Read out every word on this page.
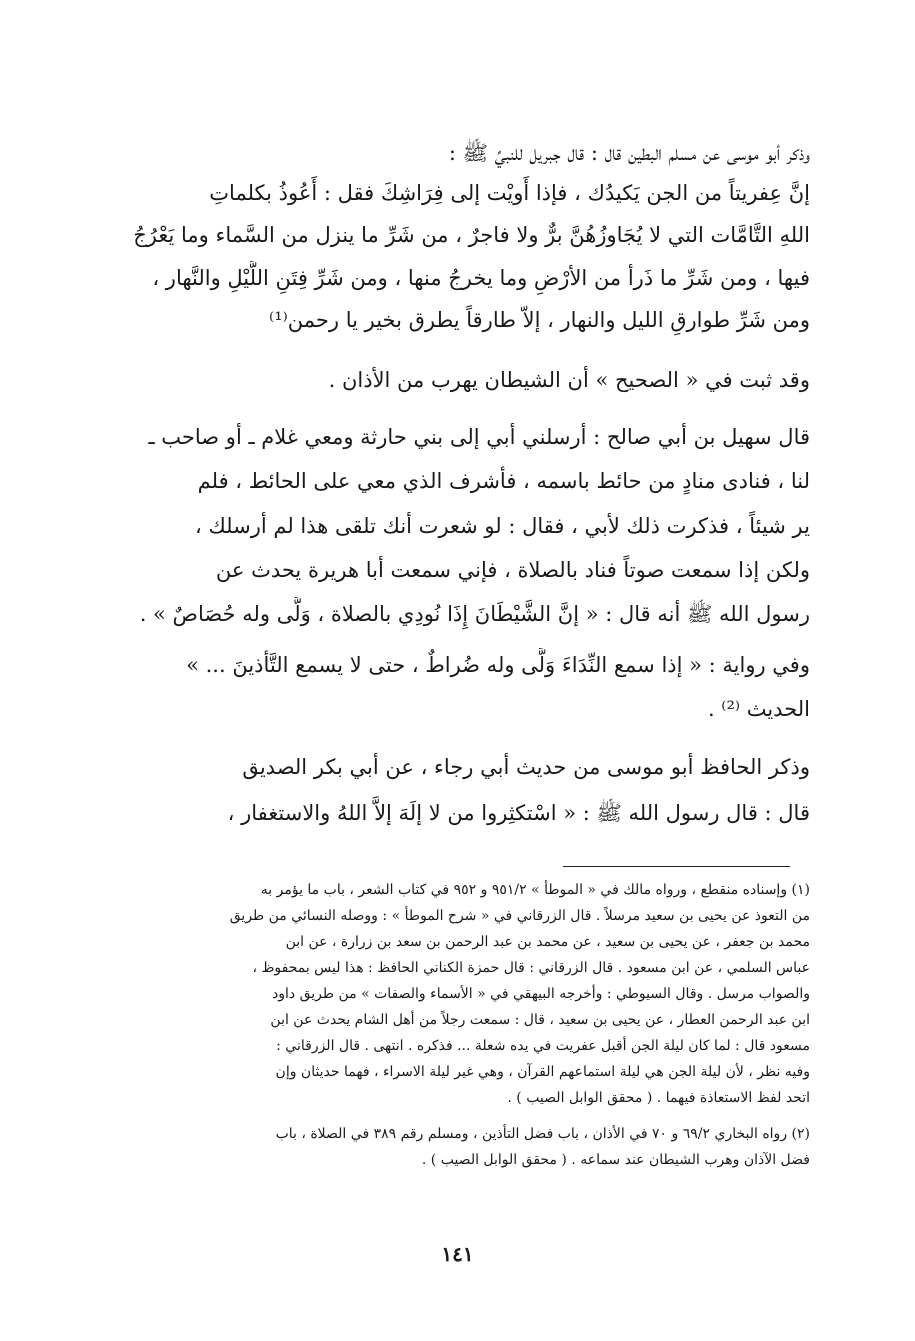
وذكر أبو موسى عن مسلم البطين قال : قال جبريل للنبيِّ ﷺ :
إنَّ عِفريتاً من الجن يَكيدُك ، فإذا أَويْت إلى فِرَاشِكَ فقل : أَعُوذُ بكلماتِ
اللهِ التَّامَّات التي لا يُجَاوزُهُنَّ برٌّ ولا فاجرٌ ، من شَرِّ ما ينزل من السَّماء وما يَعْرُجُ
فيها ، ومن شَرِّ ما ذَرأ من الأرْضِ وما يخرجُ منها ، ومن شَرِّ فِتَنِ اللَّيْلِ والنَّهار ،
ومن شَرِّ طوارقِ الليل والنهار ، إلاّ طارقاً يطرق بخير يا رحمن⁽¹⁾
وقد ثبت في « الصحيح » أن الشيطان يهرب من الأذان .
قال سهيل بن أبي صالح : أرسلني أبي إلى بني حارثة ومعي غلام ـ أو صاحب ـ
لنا ، فنادى منادٍ من حائط باسمه ، فأشرف الذي معي على الحائط ، فلم
ير شيئاً ، فذكرت ذلك لأبي ، فقال : لو شعرت أنك تلقى هذا لم أرسلك ،
ولكن إذا سمعت صوتاً فناد بالصلاة ، فإني سمعت أبا هريرة يحدث عن
رسول الله ﷺ أنه قال : « إنَّ الشَّيْطَانَ إِذَا نُودِي بالصلاة ، وَلَّى وله حُصَاصٌ » .
وفي رواية : « إذا سمع النِّدَاءَ وَلَّى وله ضُراطٌ ، حتى لا يسمع التَّأذينَ ... »
الحديث ⁽²⁾ .
وذكر الحافظ أبو موسى من حديث أبي رجاء ، عن أبي بكر الصديق
قال : قال رسول الله ﷺ : « اسْتكثِروا من لا إلَهَ إلاَّ اللهُ والاستغفار ،
(١) وإسناده منقطع ، ورواه مالك في « الموطأ » ٩٥١/٢ و ٩٥٢ في كتاب الشعر ، باب ما يؤمر به
من التعوذ عن يحيى بن سعيد مرسلاً . قال الزرقاني في « شرح الموطأ » : ووصله النسائي من طريق
محمد بن جعفر ، عن يحيى بن سعيد ، عن محمد بن عبد الرحمن بن سعد بن زرارة ، عن ابن
عباس السلمي ، عن ابن مسعود . قال الزرقاني : قال حمزة الكناني الحافظ : هذا ليس بمحفوظ ،
والصواب مرسل . وقال السيوطي : وأخرجه البيهقي في « الأسماء والصفات » من طريق داود
ابن عبد الرحمن العطار ، عن يحيى بن سعيد ، قال : سمعت رجلاً من أهل الشام يحدث عن ابن
مسعود قال : لما كان ليلة الجن أقبل عفريت في يده شعلة ... فذكره . انتهى . قال الزرقاني :
وفيه نظر ، لأن ليلة الجن هي ليلة استماعهم القرآن ، وهي غير ليلة الاسراء ، فهما حديثان وإن
اتحد لفظ الاستعاذة فيهما . ( محقق الوابل الصيب ) .
(٢) رواه البخاري ٦٩/٢ و ٧٠ في الأذان ، باب فضل التأذين ، ومسلم رقم ٣٨٩ في الصلاة ، باب
فضل الآذان وهرب الشيطان عند سماعه . ( محقق الوابل الصيب ) .
١٤١
